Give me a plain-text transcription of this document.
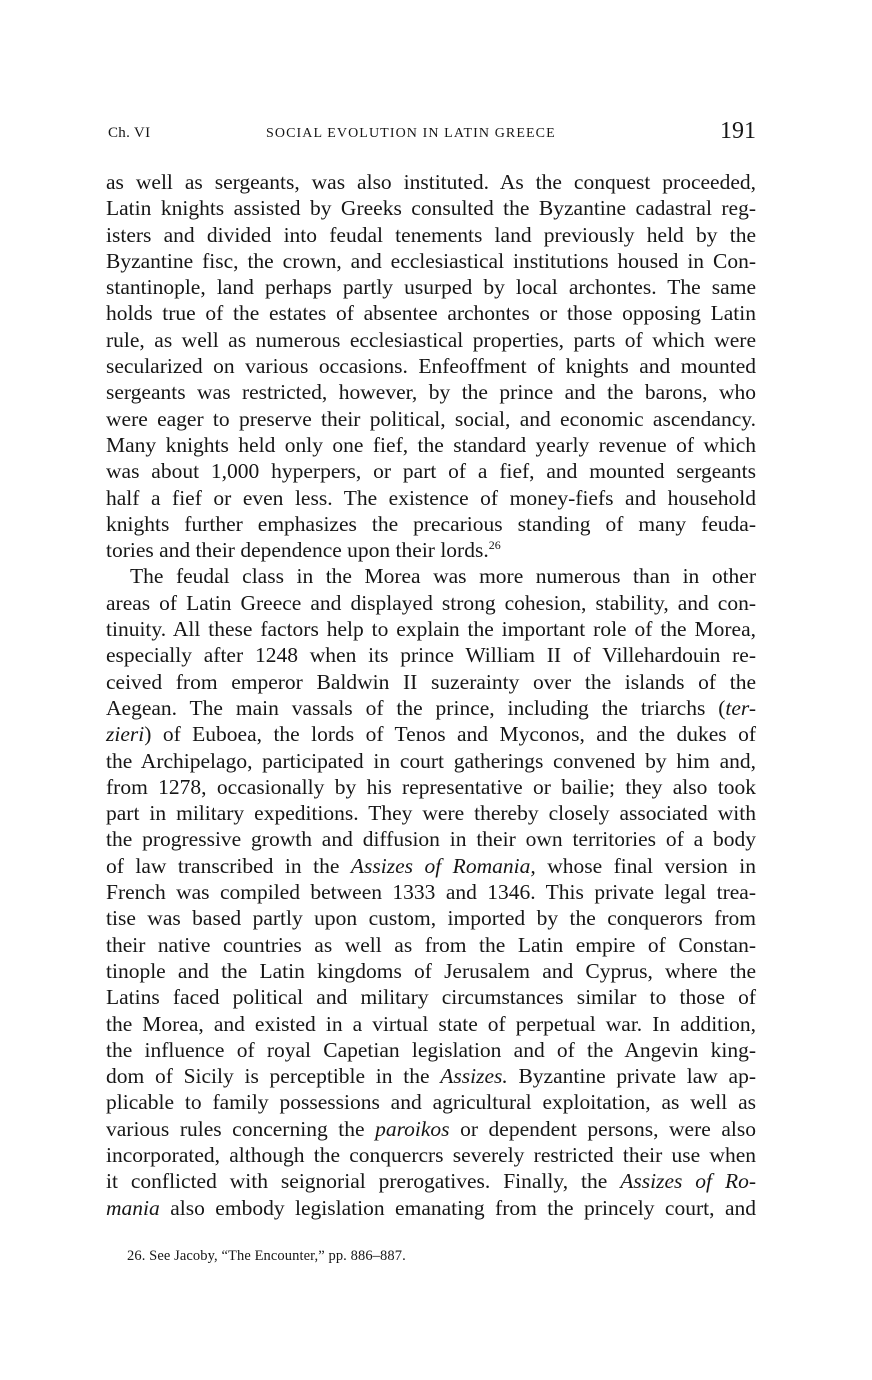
Ch. VI	SOCIAL EVOLUTION IN LATIN GREECE	191
as well as sergeants, was also instituted. As the conquest proceeded,
Latin knights assisted by Greeks consulted the Byzantine cadastral reg-
isters and divided into feudal tenements land previously held by the
Byzantine fisc, the crown, and ecclesiastical institutions housed in Con-
stantinople, land perhaps partly usurped by local archontes. The same
holds true of the estates of absentee archontes or those opposing Latin
rule, as well as numerous ecclesiastical properties, parts of which were
secularized on various occasions. Enfeoffment of knights and mounted
sergeants was restricted, however, by the prince and the barons, who
were eager to preserve their political, social, and economic ascendancy.
Many knights held only one fief, the standard yearly revenue of which
was about 1,000 hyperpers, or part of a fief, and mounted sergeants
half a fief or even less. The existence of money-fiefs and household
knights further emphasizes the precarious standing of many feuda-
tories and their dependence upon their lords.$^{26}$
The feudal class in the Morea was more numerous than in other
areas of Latin Greece and displayed strong cohesion, stability, and con-
tinuity. All these factors help to explain the important role of the Morea,
especially after 1248 when its prince William II of Villehardouin re-
ceived from emperor Baldwin II suzerainty over the islands of the
Aegean. The main vassals of the prince, including the triarchs (ter-
zieri) of Euboea, the lords of Tenos and Myconos, and the dukes of
the Archipelago, participated in court gatherings convened by him and,
from 1278, occasionally by his representative or bailie; they also took
part in military expeditions. They were thereby closely associated with
the progressive growth and diffusion in their own territories of a body
of law transcribed in the Assizes of Romania, whose final version in
French was compiled between 1333 and 1346. This private legal trea-
tise was based partly upon custom, imported by the conquerors from
their native countries as well as from the Latin empire of Constan-
tinople and the Latin kingdoms of Jerusalem and Cyprus, where the
Latins faced political and military circumstances similar to those of
the Morea, and existed in a virtual state of perpetual war. In addition,
the influence of royal Capetian legislation and of the Angevin king-
dom of Sicily is perceptible in the Assizes. Byzantine private law ap-
plicable to family possessions and agricultural exploitation, as well as
various rules concerning the paroikos or dependent persons, were also
incorporated, although the conquercrs severely restricted their use when
it conflicted with seignorial prerogatives. Finally, the Assizes of Ro-
mania also embody legislation emanating from the princely court, and
26. See Jacoby, “The Encounter,” pp. 886–887.
